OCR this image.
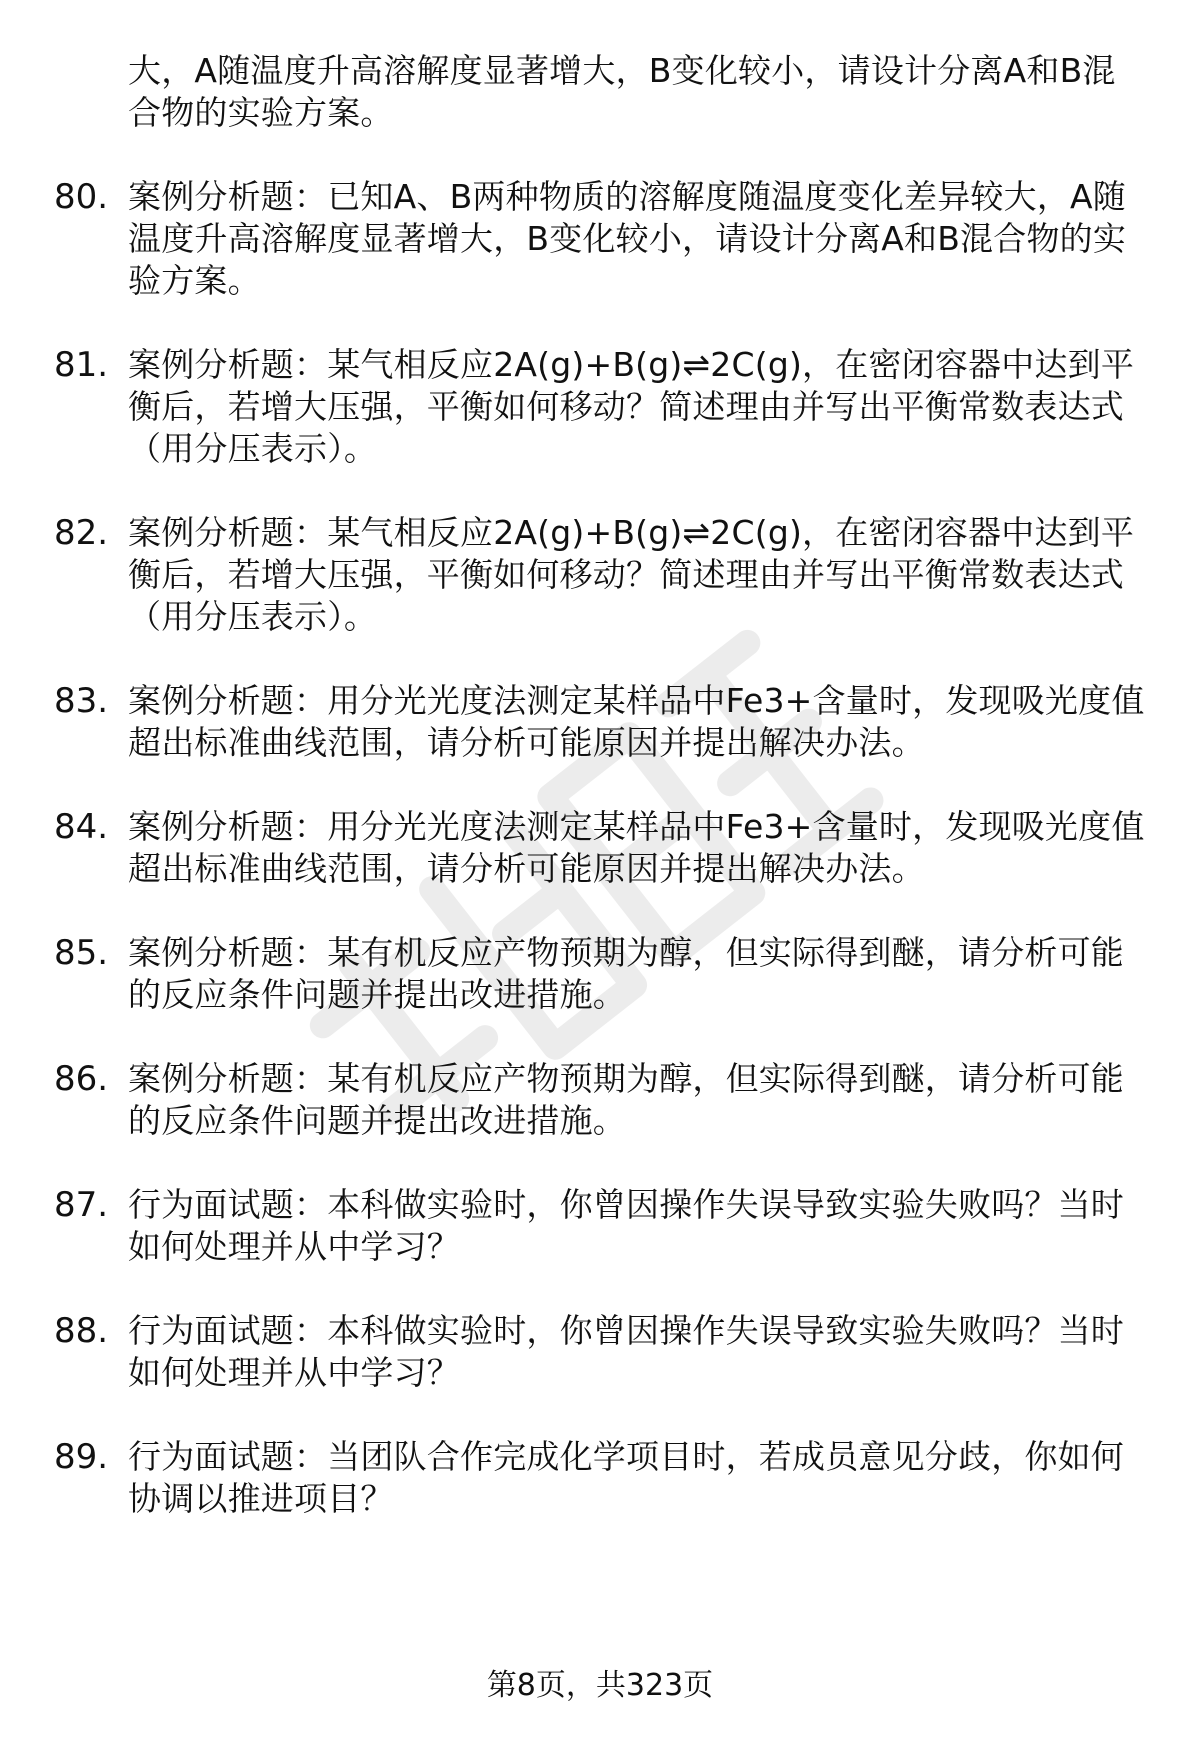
大，A随温度升高溶解度显著增大，B变化较小，请设计分离A和B混合物的实验方案。
80. 案例分析题：已知A、B两种物质的溶解度随温度变化差异较大，A随温度升高溶解度显著增大，B变化较小，请设计分离A和B混合物的实验方案。
81. 案例分析题：某气相反应2A(g)+B(g)⇌2C(g)，在密闭容器中达到平衡后，若增大压强，平衡如何移动？简述理由并写出平衡常数表达式（用分压表示）。
82. 案例分析题：某气相反应2A(g)+B(g)⇌2C(g)，在密闭容器中达到平衡后，若增大压强，平衡如何移动？简述理由并写出平衡常数表达式（用分压表示）。
83. 案例分析题：用分光光度法测定某样品中Fe3+含量时，发现吸光度值超出标准曲线范围，请分析可能原因并提出解决办法。
84. 案例分析题：用分光光度法测定某样品中Fe3+含量时，发现吸光度值超出标准曲线范围，请分析可能原因并提出解决办法。
85. 案例分析题：某有机反应产物预期为醇，但实际得到醚，请分析可能的反应条件问题并提出改进措施。
86. 案例分析题：某有机反应产物预期为醇，但实际得到醚，请分析可能的反应条件问题并提出改进措施。
87. 行为面试题：本科做实验时，你曾因操作失误导致实验失败吗？当时如何处理并从中学习？
88. 行为面试题：本科做实验时，你曾因操作失误导致实验失败吗？当时如何处理并从中学习？
89. 行为面试题：当团队合作完成化学项目时，若成员意见分歧，你如何协调以推进项目？
第8页，共323页
